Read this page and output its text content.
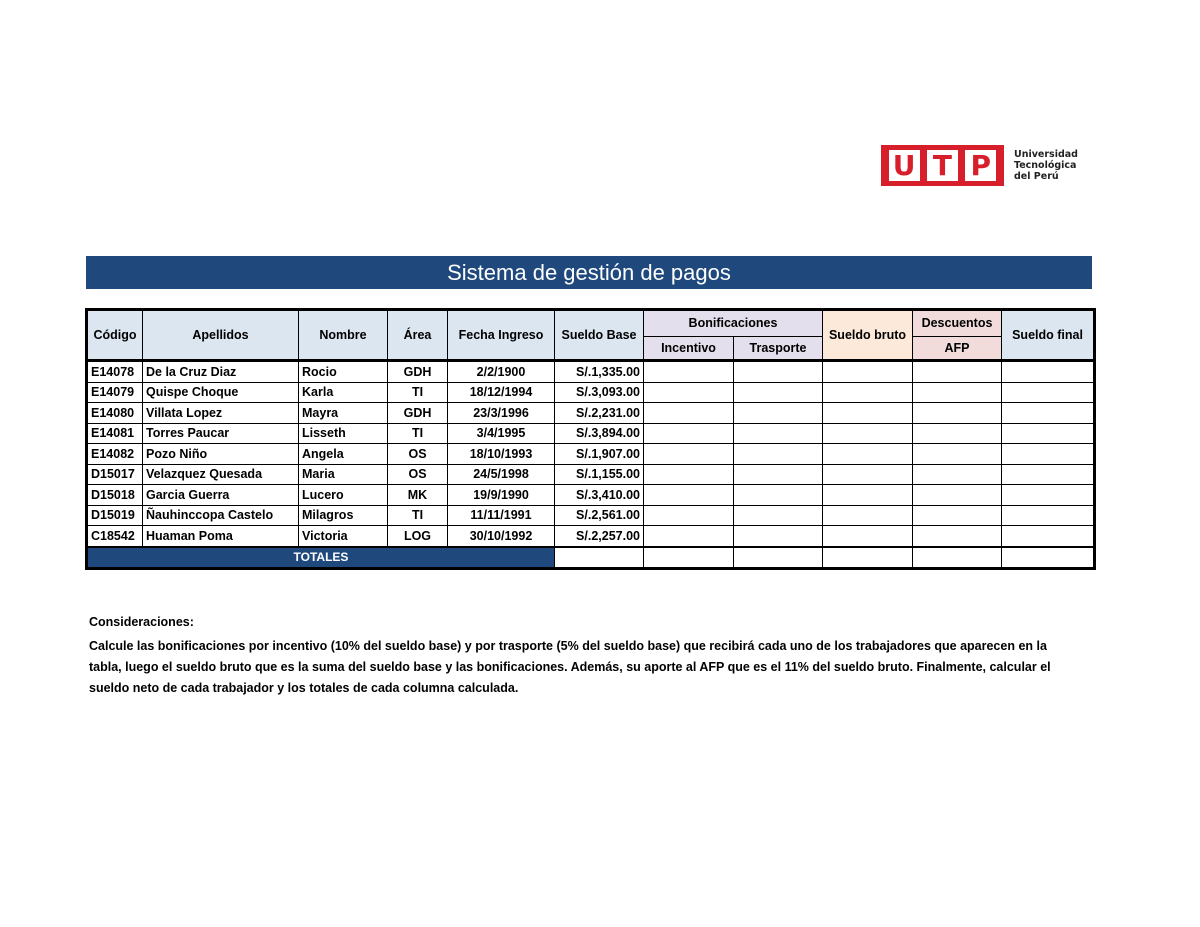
U T P	Universidad
Tecnológica
del Perú
Sistema de gestión de pagos
Código	Apellidos	Nombre	Área	Fecha Ingreso	Sueldo Base	Bonificaciones		Sueldo bruto	Descuentos	Sueldo final
						Incentivo	Trasporte		AFP	
E14078	De la Cruz Diaz	Rocio	GDH	2/2/1900	S/.1,335.00					
E14079	Quispe Choque	Karla	TI	18/12/1994	S/.3,093.00					
E14080	Villata Lopez	Mayra	GDH	23/3/1996	S/.2,231.00					
E14081	Torres Paucar	Lisseth	TI	3/4/1995	S/.3,894.00					
E14082	Pozo Niño	Angela	OS	18/10/1993	S/.1,907.00					
D15017	Velazquez Quesada	Maria	OS	24/5/1998	S/.1,155.00					
D15018	Garcia Guerra	Lucero	MK	19/9/1990	S/.3,410.00					
D15019	Ñauhinccopa Castelo	Milagros	TI	11/11/1991	S/.2,561.00					
C18542	Huaman Poma	Victoria	LOG	30/10/1992	S/.2,257.00					
TOTALES										
Consideraciones:
Calcule las bonificaciones por incentivo (10% del sueldo base) y por trasporte (5% del sueldo base) que recibirá cada uno de los trabajadores que aparecen en la
tabla, luego el sueldo bruto que es la suma del sueldo base y las bonificaciones. Además, su aporte al AFP que es el 11% del sueldo bruto. Finalmente, calcular el
sueldo neto de cada trabajador y los totales de cada columna calculada.
